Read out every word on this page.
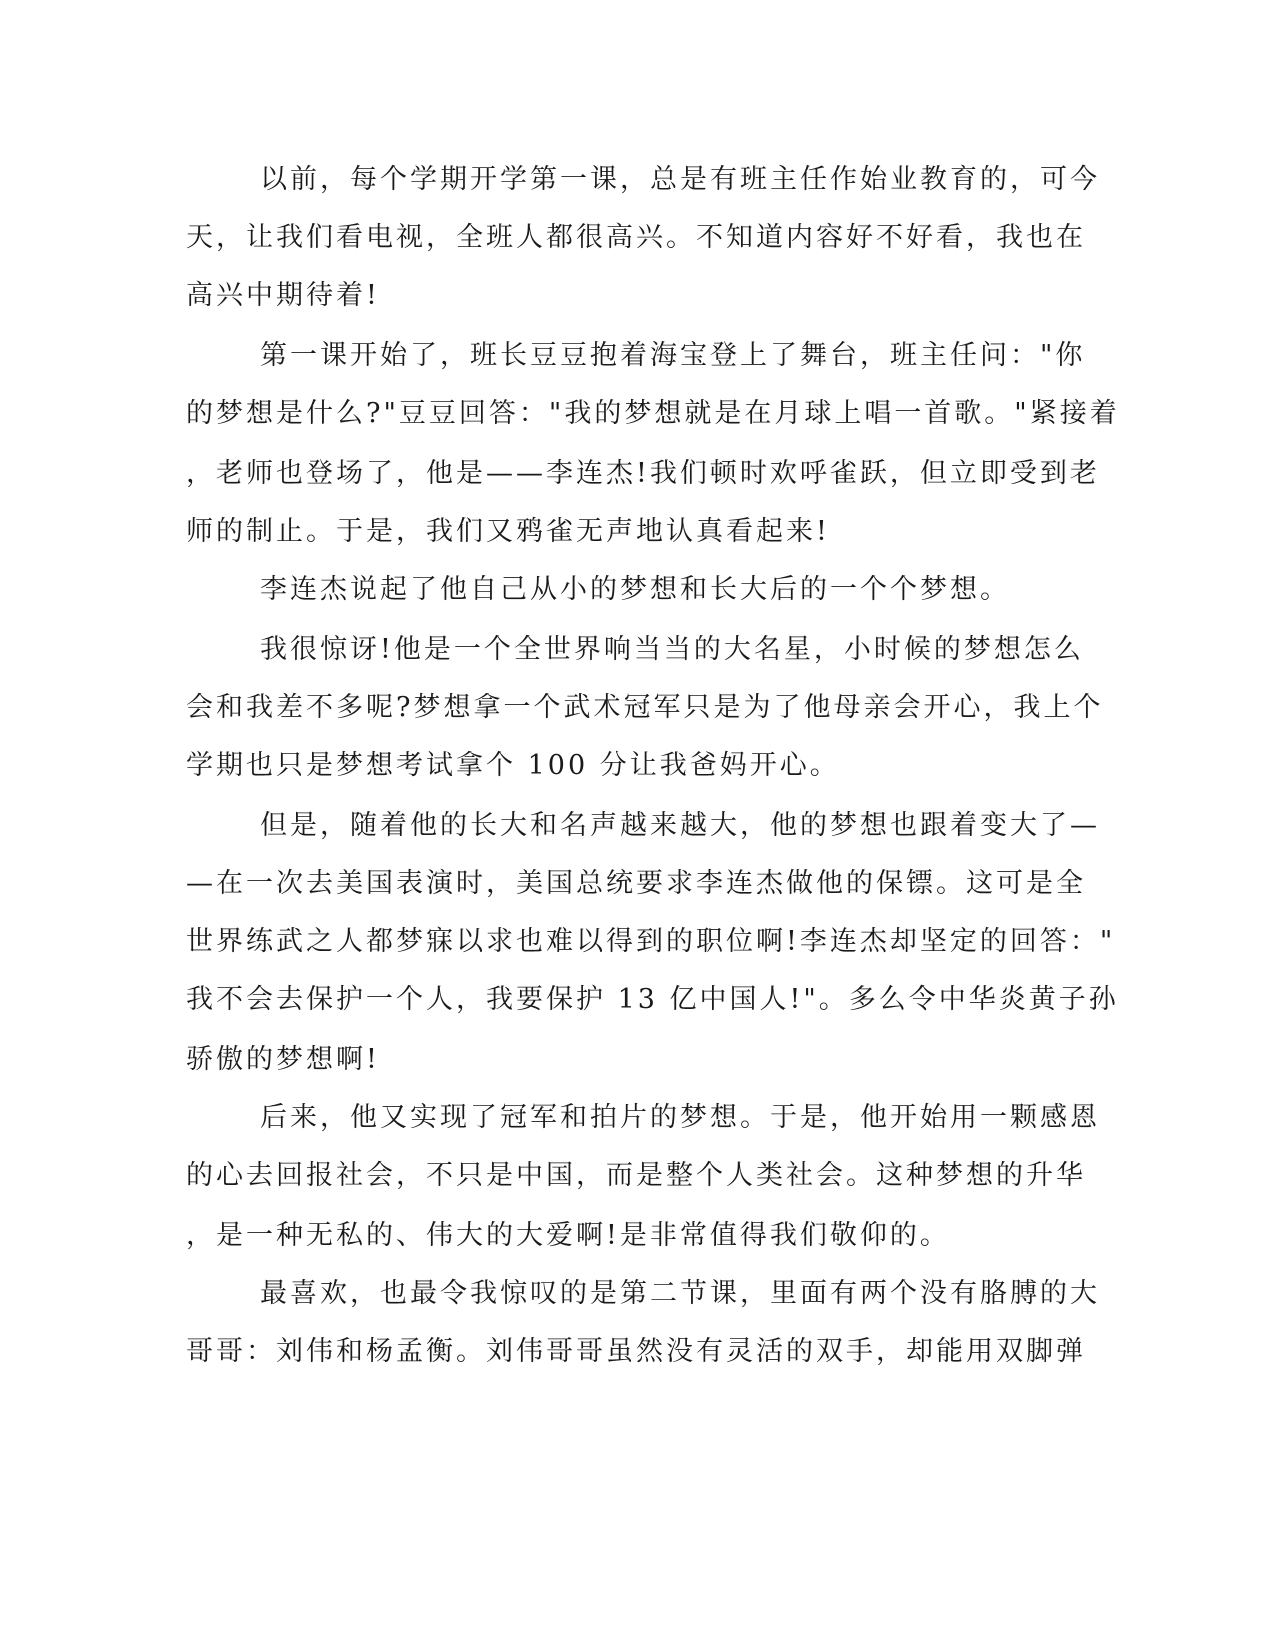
以前，每个学期开学第一课，总是有班主任作始业教育的，可今
天，让我们看电视，全班人都很高兴。不知道内容好不好看，我也在
高兴中期待着!
第一课开始了，班长豆豆抱着海宝登上了舞台，班主任问："你
的梦想是什么?"豆豆回答："我的梦想就是在月球上唱一首歌。"紧接着
，老师也登场了，他是——李连杰!我们顿时欢呼雀跃，但立即受到老
师的制止。于是，我们又鸦雀无声地认真看起来!
李连杰说起了他自己从小的梦想和长大后的一个个梦想。
我很惊讶!他是一个全世界响当当的大名星，小时候的梦想怎么
会和我差不多呢?梦想拿一个武术冠军只是为了他母亲会开心，我上个
学期也只是梦想考试拿个 100 分让我爸妈开心。
但是，随着他的长大和名声越来越大，他的梦想也跟着变大了—
—在一次去美国表演时，美国总统要求李连杰做他的保镖。这可是全
世界练武之人都梦寐以求也难以得到的职位啊!李连杰却坚定的回答："
我不会去保护一个人，我要保护 13 亿中国人!"。多么令中华炎黄子孙
骄傲的梦想啊!
后来，他又实现了冠军和拍片的梦想。于是，他开始用一颗感恩
的心去回报社会，不只是中国，而是整个人类社会。这种梦想的升华
，是一种无私的、伟大的大爱啊!是非常值得我们敬仰的。
最喜欢，也最令我惊叹的是第二节课，里面有两个没有胳膊的大
哥哥：刘伟和杨孟衡。刘伟哥哥虽然没有灵活的双手，却能用双脚弹
